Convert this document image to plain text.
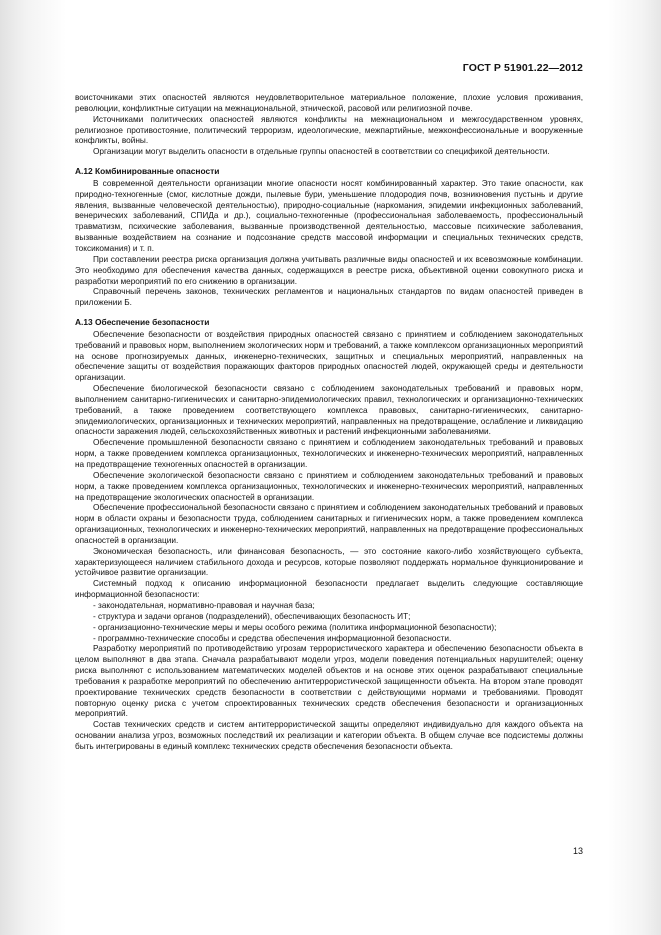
ГОСТ Р 51901.22—2012

воисточниками этих опасностей являются неудовлетворительное материальное положение, плохие условия проживания, революции, конфликтные ситуации на межнациональной, этнической, расовой или религиозной почве.

Источниками политических опасностей являются конфликты на межнациональном и межгосударственном уровнях, религиозное противостояние, политический терроризм, идеологические, межпартийные, межконфессиональные и вооруженные конфликты, войны.

Организации могут выделить опасности в отдельные группы опасностей в соответствии со спецификой деятельности.

А.12 Комбинированные опасности

В современной деятельности организации многие опасности носят комбинированный характер. Это такие опасности, как природно-техногенные (смог, кислотные дожди, пылевые бури, уменьшение плодородия почв, возникновения пустынь и другие явления, вызванные человеческой деятельностью), природно-социальные (наркомания, эпидемии инфекционных заболеваний, венерических заболеваний, СПИДа и др.), социально-техногенные (профессиональная заболеваемость, профессиональный травматизм, психические заболевания, вызванные производственной деятельностью, массовые психические заболевания, вызванные воздействием на сознание и подсознание средств массовой информации и специальных технических средств, токсикомания) и т. п.

При составлении реестра риска организация должна учитывать различные виды опасностей и их всевозможные комбинации. Это необходимо для обеспечения качества данных, содержащихся в реестре риска, объективной оценки совокупного риска и разработки мероприятий по его снижению в организации.

Справочный перечень законов, технических регламентов и национальных стандартов по видам опасностей приведен в приложении Б.

А.13 Обеспечение безопасности

Обеспечение безопасности от воздействия природных опасностей связано с принятием и соблюдением законодательных требований и правовых норм, выполнением экологических норм и требований, а также комплексом организационных мероприятий на основе прогнозируемых данных, инженерно-технических, защитных и специальных мероприятий, направленных на обеспечение защиты от воздействия поражающих факторов природных опасностей людей, окружающей среды и деятельности организации.

Обеспечение биологической безопасности связано с соблюдением законодательных требований и правовых норм, выполнением санитарно-гигиенических и санитарно-эпидемиологических правил, технологических и организационно-технических требований, а также проведением соответствующего комплекса правовых, санитарно-гигиенических, санитарно-эпидемиологических, организационных и технических мероприятий, направленных на предотвращение, ослабление и ликвидацию опасности заражения людей, сельскохозяйственных животных и растений инфекционными заболеваниями.

Обеспечение промышленной безопасности связано с принятием и соблюдением законодательных требований и правовых норм, а также проведением комплекса организационных, технологических и инженерно-технических мероприятий, направленных на предотвращение техногенных опасностей в организации.

Обеспечение экологической безопасности связано с принятием и соблюдением законодательных требований и правовых норм, а также проведением комплекса организационных, технологических и инженерно-технических мероприятий, направленных на предотвращение экологических опасностей в организации.

Обеспечение профессиональной безопасности связано с принятием и соблюдением законодательных требований и правовых норм в области охраны и безопасности труда, соблюдением санитарных и гигиенических норм, а также проведением комплекса организационных, технологических и инженерно-технических мероприятий, направленных на предотвращение профессиональных опасностей в организации.

Экономическая безопасность, или финансовая безопасность, — это состояние какого-либо хозяйствующего субъекта, характеризующееся наличием стабильного дохода и ресурсов, которые позволяют поддержать нормальное функционирование и устойчивое развитие организации.

Системный подход к описанию информационной безопасности предлагает выделить следующие составляющие информационной безопасности:

- законодательная, нормативно-правовая и научная база;

- структура и задачи органов (подразделений), обеспечивающих безопасность ИТ;

- организационно-технические меры и меры особого режима (политика информационной безопасности);

- программно-технические способы и средства обеспечения информационной безопасности.

Разработку мероприятий по противодействию угрозам террористического характера и обеспечению безопасности объекта в целом выполняют в два этапа. Сначала разрабатывают модели угроз, модели поведения потенциальных нарушителей; оценку риска выполняют с использованием математических моделей объектов и на основе этих оценок разрабатывают специальные требования к разработке мероприятий по обеспечению антитеррористической защищенности объекта. На втором этапе проводят проектирование технических средств безопасности в соответствии с действующими нормами и требованиями. Проводят повторную оценку риска с учетом спроектированных технических средств обеспечения безопасности и организационных мероприятий.

Состав технических средств и систем антитеррористической защиты определяют индивидуально для каждого объекта на основании анализа угроз, возможных последствий их реализации и категории объекта. В общем случае все подсистемы должны быть интегрированы в единый комплекс технических средств обеспечения безопасности объекта.

13
